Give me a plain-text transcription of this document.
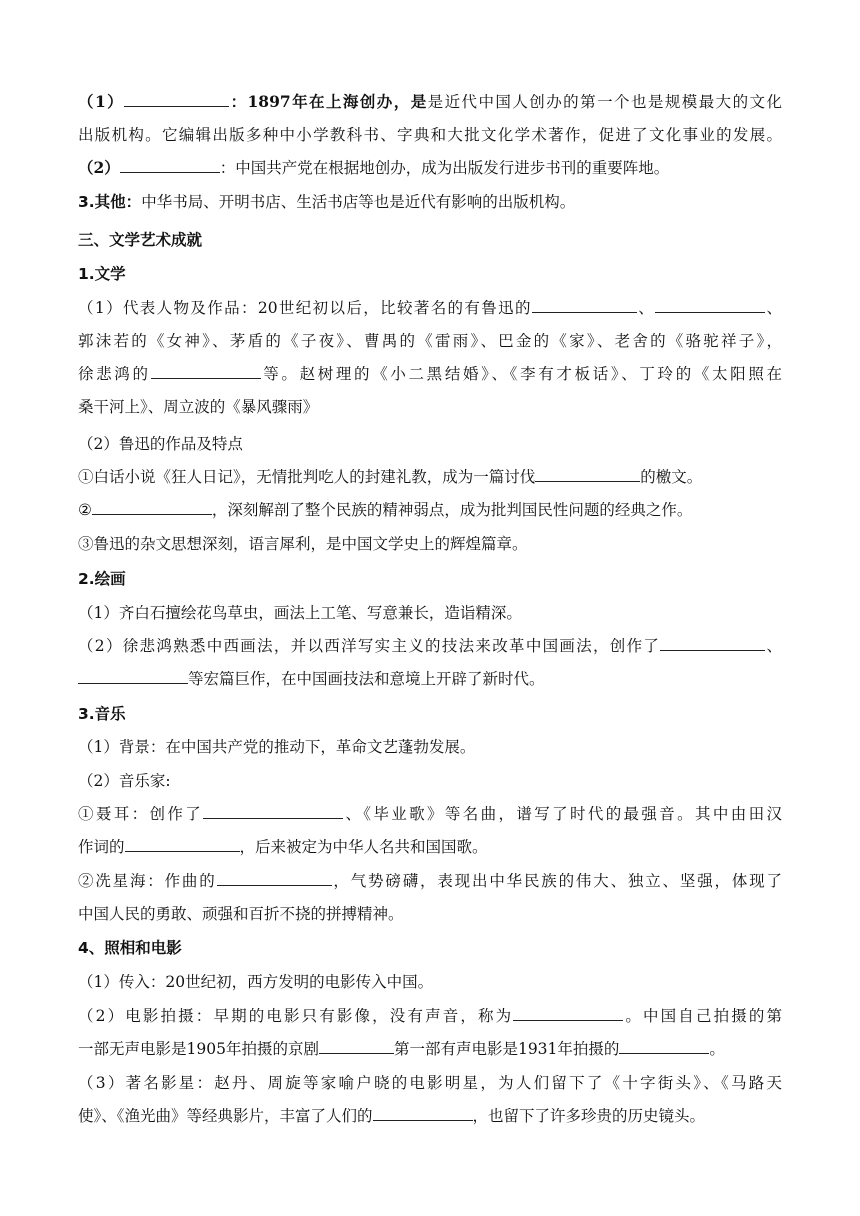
（1）	：1897年在上海创办，是是近代中国人创办的第一个也是规模最大的文化
出版机构。它编辑出版多种中小学教科书、字典和大批文化学术著作，促进了文化事业的发展。
（2）	：中国共产党在根据地创办，成为出版发行进步书刊的重要阵地。
3.其他：中华书局、开明书店、生活书店等也是近代有影响的出版机构。
三、文学艺术成就
1.文学
（1）代表人物及作品：20世纪初以后，比较著名的有鲁迅的	、	、
郭沫若的《女神》、茅盾的《子夜》、曹禺的《雷雨》、巴金的《家》、老舍的《骆驼祥子》，
徐悲鸿的	等。赵树理的《小二黑结婚》、《李有才板话》、丁玲的《太阳照在
桑干河上》、周立波的《暴风骤雨》
（2）鲁迅的作品及特点
①白话小说《狂人日记》，无情批判吃人的封建礼教，成为一篇讨伐	的檄文。
②	，深刻解剖了整个民族的精神弱点，成为批判国民性问题的经典之作。
③鲁迅的杂文思想深刻，语言犀利，是中国文学史上的辉煌篇章。
2.绘画
（1）齐白石擅绘花鸟草虫，画法上工笔、写意兼长，造诣精深。
（2）徐悲鸿熟悉中西画法，并以西洋写实主义的技法来改革中国画法，创作了	、
等宏篇巨作，在中国画技法和意境上开辟了新时代。
3.音乐
（1）背景：在中国共产党的推动下，革命文艺蓬勃发展。
（2）音乐家:
①聂耳：创作了	、《毕业歌》等名曲，谱写了时代的最强音。其中由田汉
作词的	，后来被定为中华人名共和国国歌。
②冼星海：作曲的	，气势磅礴，表现出中华民族的伟大、独立、坚强，体现了
中国人民的勇敢、顽强和百折不挠的拼搏精神。
4、照相和电影
（1）传入：20世纪初，西方发明的电影传入中国。
（2）电影拍摄：早期的电影只有影像，没有声音，称为	。中国自己拍摄的第
一部无声电影是1905年拍摄的京剧	第一部有声电影是1931年拍摄的	。
（3）著名影星：赵丹、周旋等家喻户晓的电影明星，为人们留下了《十字街头》、《马路天
使》、《渔光曲》等经典影片，丰富了人们的	，也留下了许多珍贵的历史镜头。
